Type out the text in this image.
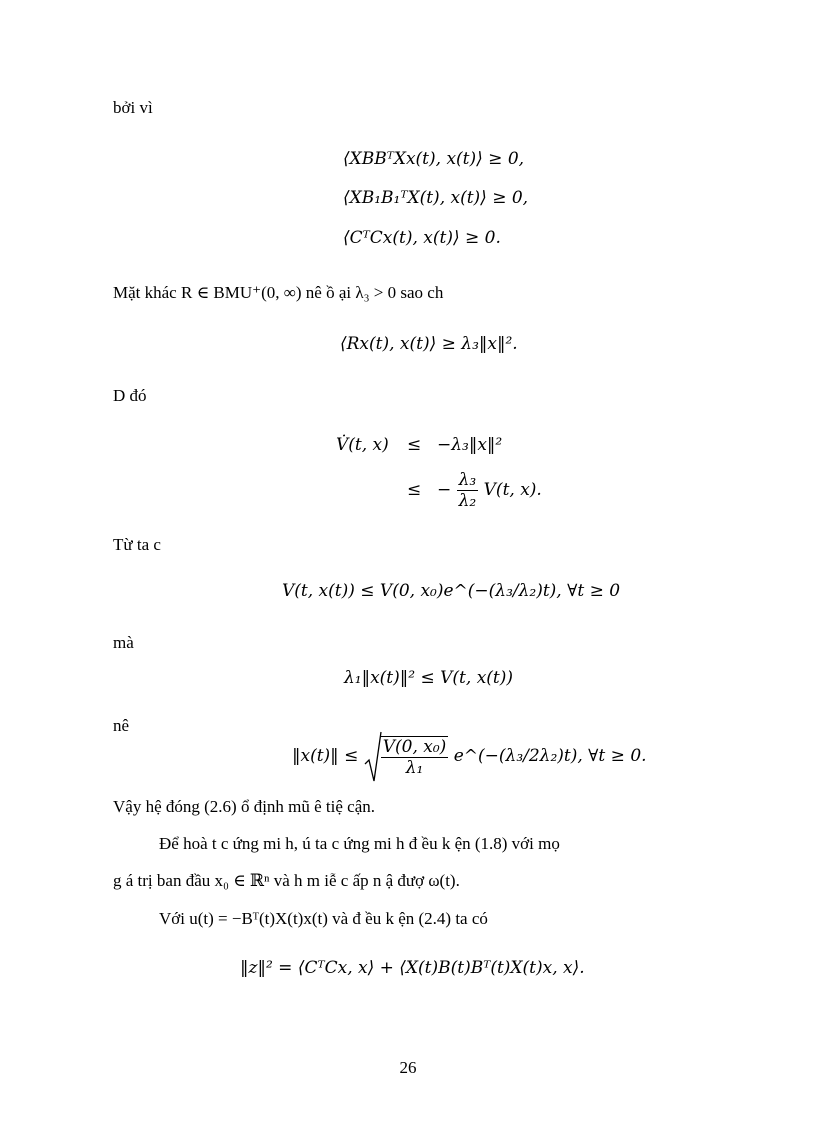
bởi vì
⟨XBBᵀXx(t), x(t)⟩ ≥ 0,
⟨XB₁B₁ᵀX(t), x(t)⟩ ≥ 0,
⟨CᵀCx(t), x(t)⟩ ≥ 0.
Mặt khác R ∈ BMU⁺(0, ∞) nê ồ ại λ₃ > 0 sao ch
⟨Rx(t), x(t)⟩ ≥ λ₃‖x‖².
D đó
V̇(t, x) ≤ −λ₃‖x‖²
≤ − $\frac{\text{λ₃}}{\text{λ₂}} V(t$, x).
Từ ta c
V(t, x(t)) ≤ V(0, x₀)e^(−(λ₃/λ₂)t), ∀t ≥ 0
mà
λ₁‖x(t)‖² ≤ V(t, x(t))
nê
‖x(t)‖ ≤ $\frac{\text{V(0, x₀)}}{\text{λ₁}}$ e^(−(λ₃/2λ₂)t), ∀t ≥ 0.
Vậy hệ đóng (2.6) ổ định mũ ê tiệ cận.
Để hoà t c ứng mi h, ú ta c ứng mi h đ ều k ện (1.8) với mọ
g á trị ban đầu x₀ ∈ ℝⁿ và h m iễ c ấp n ậ đượ ω(t).
Với u(t) = −Bᵀ(t)X(t)x(t) và đ ều k ện (2.4) ta có
‖z‖² = ⟨CᵀCx, x⟩ + ⟨X(t)B(t)Bᵀ(t)X(t)x, x⟩.
26
